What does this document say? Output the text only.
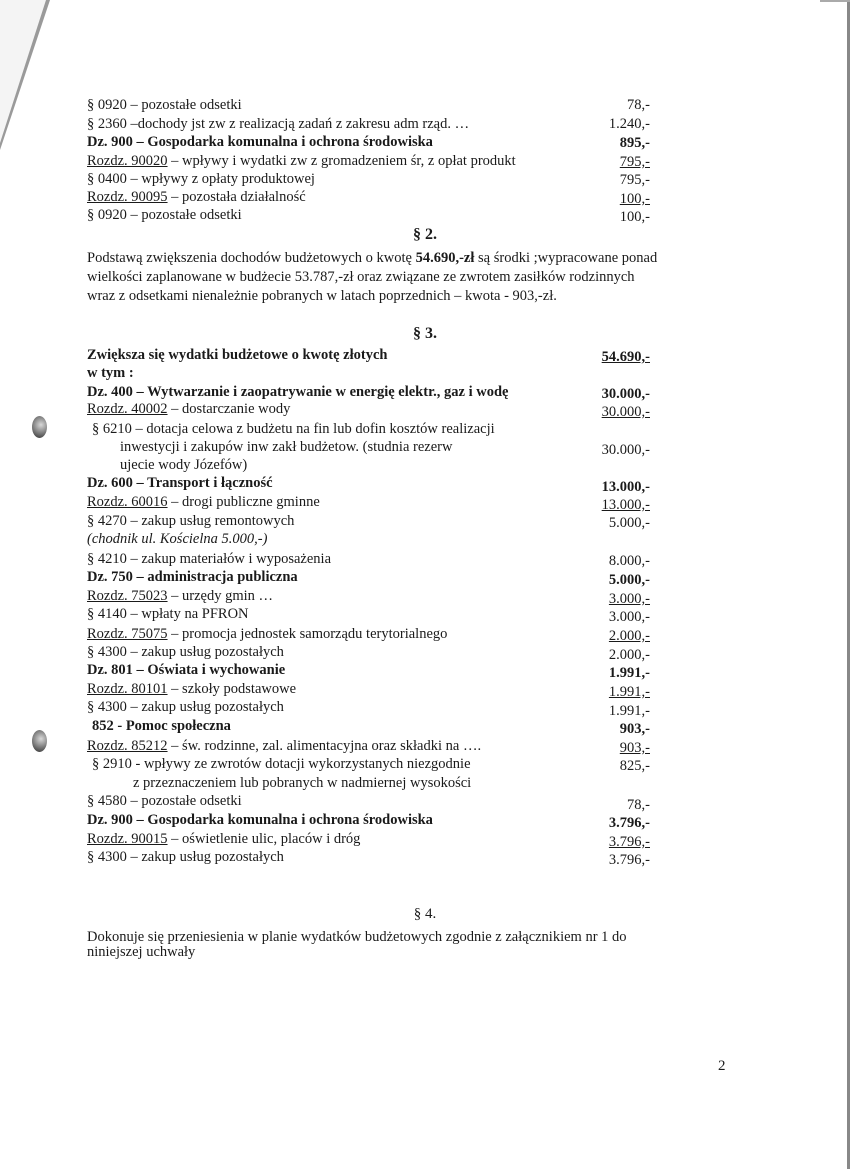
§ 0920 – pozostałe odsetki	78,-
§ 2360 –dochody jst zw z realizacją zadań z zakresu adm rząd. …	1.240,-
Dz. 900 – Gospodarka komunalna i ochrona środowiska	895,-
Rozdz. 90020 – wpływy i wydatki zw z gromadzeniem śr, z opłat produkt	795,-
§ 0400 – wpływy z opłaty produktowej	795,-
Rozdz. 90095 – pozostała działalność	100,-
§ 0920 – pozostałe odsetki	100,-
§ 2.
Podstawą zwiększenia dochodów budżetowych o kwotę 54.690,-zł są środki ;wypracowane ponad
wielkości zaplanowane w budżecie 53.787,-zł oraz związane ze zwrotem zasiłków rodzinnych
wraz z odsetkami nienależnie pobranych w latach poprzednich – kwota - 903,-zł.
§ 3.
Zwiększa się wydatki budżetowe o kwotę złotych	54.690,-
w tym :
Dz. 400 – Wytwarzanie i zaopatrywanie w energię elektr., gaz i wodę	30.000,-
Rozdz. 40002 – dostarczanie wody	30.000,-
§ 6210 – dotacja celowa z budżetu na fin lub dofin kosztów realizacji
inwestycji i zakupów inw zakł budżetow. (studnia rezerw	30.000,-
ujecie wody Józefów)
Dz. 600 – Transport i łączność	13.000,-
Rozdz. 60016 – drogi publiczne gminne	13.000,-
§ 4270 – zakup usług remontowych	5.000,-
(chodnik ul. Kościelna 5.000,-)
§ 4210 – zakup materiałów i wyposażenia	8.000,-
Dz. 750 – administracja publiczna	5.000,-
Rozdz. 75023 – urzędy gmin …	3.000,-
§ 4140 – wpłaty na PFRON	3.000,-
Rozdz. 75075 – promocja jednostek samorządu terytorialnego	2.000,-
§ 4300 – zakup usług pozostałych	2.000,-
Dz. 801 – Oświata i wychowanie	1.991,-
Rozdz. 80101 – szkoły podstawowe	1.991,-
§ 4300 – zakup usług pozostałych	1.991,-
852 - Pomoc społeczna	903,-
Rozdz. 85212 – św. rodzinne, zal. alimentacyjna oraz składki na ….	903,-
§ 2910 - wpływy ze zwrotów dotacji wykorzystanych niezgodnie	825,-
z przeznaczeniem lub pobranych w nadmiernej wysokości
§ 4580 – pozostałe odsetki	78,-
Dz. 900 – Gospodarka komunalna i ochrona środowiska	3.796,-
Rozdz. 90015 – oświetlenie ulic, placów i dróg	3.796,-
§ 4300 – zakup usług pozostałych	3.796,-
§ 4.
Dokonuje się przeniesienia w planie wydatków budżetowych zgodnie z załącznikiem nr 1 do
niniejszej uchwały
2
